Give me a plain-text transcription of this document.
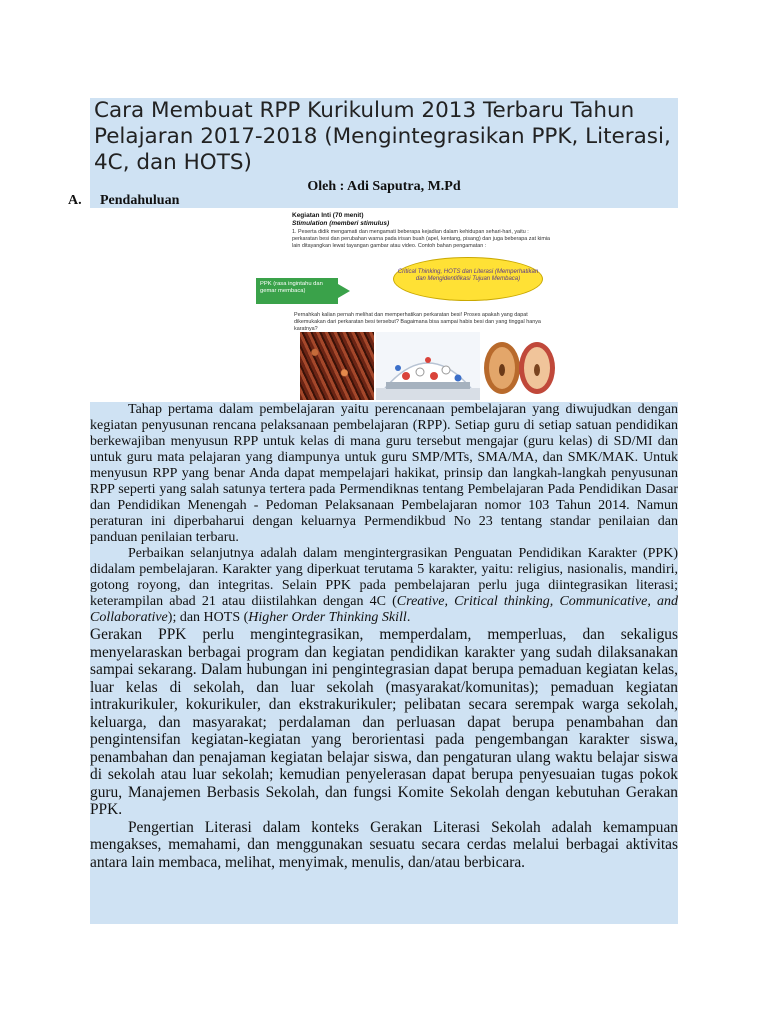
Cara Membuat RPP Kurikulum 2013 Terbaru Tahun Pelajaran 2017-2018 (Mengintegrasikan PPK, Literasi, 4C, dan HOTS)
Oleh : Adi Saputra, M.Pd
A. Pendahuluan
Kegiatan Inti (70 menit)
Stimulation (memberi stimulus)
1. Peserta didik mengamati dan mengamati beberapa kejadian dalam kehidupan sehari-hari, yaitu : perkaratan besi dan perubahan warna pada irisan buah (apel, kentang, pisang) dan juga beberapa zat kimia lain ditayangkan lewat tayangan gambar atau video. Contoh bahan pengamatan :
Critical Thinking, HOTS dan Literasi (Memperhatikan dan Mengidentifikasi Tujuan Membaca)
PPK (rasa ingintahu dan gemar membaca)
Pernahkah kalian pernah melihat dan memperhatikan perkaratan besi! Proses apakah yang dapat dikemukakan dari perkaratan besi tersebut? Bagaimana bisa sampai habis besi dan yang tinggal hanya karatnya?

Tahap pertama dalam pembelajaran yaitu perencanaan pembelajaran yang diwujudkan dengan kegiatan penyusunan rencana pelaksanaan pembelajaran (RPP). Setiap guru di setiap satuan pendidikan berkewajiban menyusun RPP untuk kelas di mana guru tersebut mengajar (guru kelas) di SD/MI dan untuk guru mata pelajaran yang diampunya untuk guru SMP/MTs, SMA/MA, dan SMK/MAK. Untuk menyusun RPP yang benar Anda dapat mempelajari hakikat, prinsip dan langkah-langkah penyusunan RPP seperti yang salah satunya tertera pada Permendiknas tentang Pembelajaran Pada Pendidikan Dasar dan Pendidikan Menengah - Pedoman Pelaksanaan Pembelajaran nomor 103 Tahun 2014. Namun peraturan ini diperbaharui dengan keluarnya Permendikbud No 23 tentang standar penilaian dan panduan penilaian terbaru.

Perbaikan selanjutnya adalah dalam mengintergrasikan Penguatan Pendidikan Karakter (PPK) didalam pembelajaran. Karakter yang diperkuat terutama 5 karakter, yaitu: religius, nasionalis, mandiri, gotong royong, dan integritas. Selain PPK pada pembelajaran perlu juga diintegrasikan literasi; keterampilan abad 21 atau diistilahkan dengan 4C (Creative, Critical thinking, Communicative, and Collaborative); dan HOTS (Higher Order Thinking Skill.

Gerakan PPK perlu mengintegrasikan, memperdalam, memperluas, dan sekaligus menyelaraskan berbagai program dan kegiatan pendidikan karakter yang sudah dilaksanakan sampai sekarang. Dalam hubungan ini pengintegrasian dapat berupa pemaduan kegiatan kelas, luar kelas di sekolah, dan luar sekolah (masyarakat/komunitas); pemaduan kegiatan intrakurikuler, kokurikuler, dan ekstrakurikuler; pelibatan secara serempak warga sekolah, keluarga, dan masyarakat; perdalaman dan perluasan dapat berupa penambahan dan pengintensifan kegiatan-kegiatan yang berorientasi pada pengembangan karakter siswa, penambahan dan penajaman kegiatan belajar siswa, dan pengaturan ulang waktu belajar siswa di sekolah atau luar sekolah; kemudian penyelerasan dapat berupa penyesuaian tugas pokok guru, Manajemen Berbasis Sekolah, dan fungsi Komite Sekolah dengan kebutuhan Gerakan PPK.

Pengertian Literasi dalam konteks Gerakan Literasi Sekolah adalah kemampuan mengakses, memahami, dan menggunakan sesuatu secara cerdas melalui berbagai aktivitas antara lain membaca, melihat, menyimak, menulis, dan/atau berbicara.
